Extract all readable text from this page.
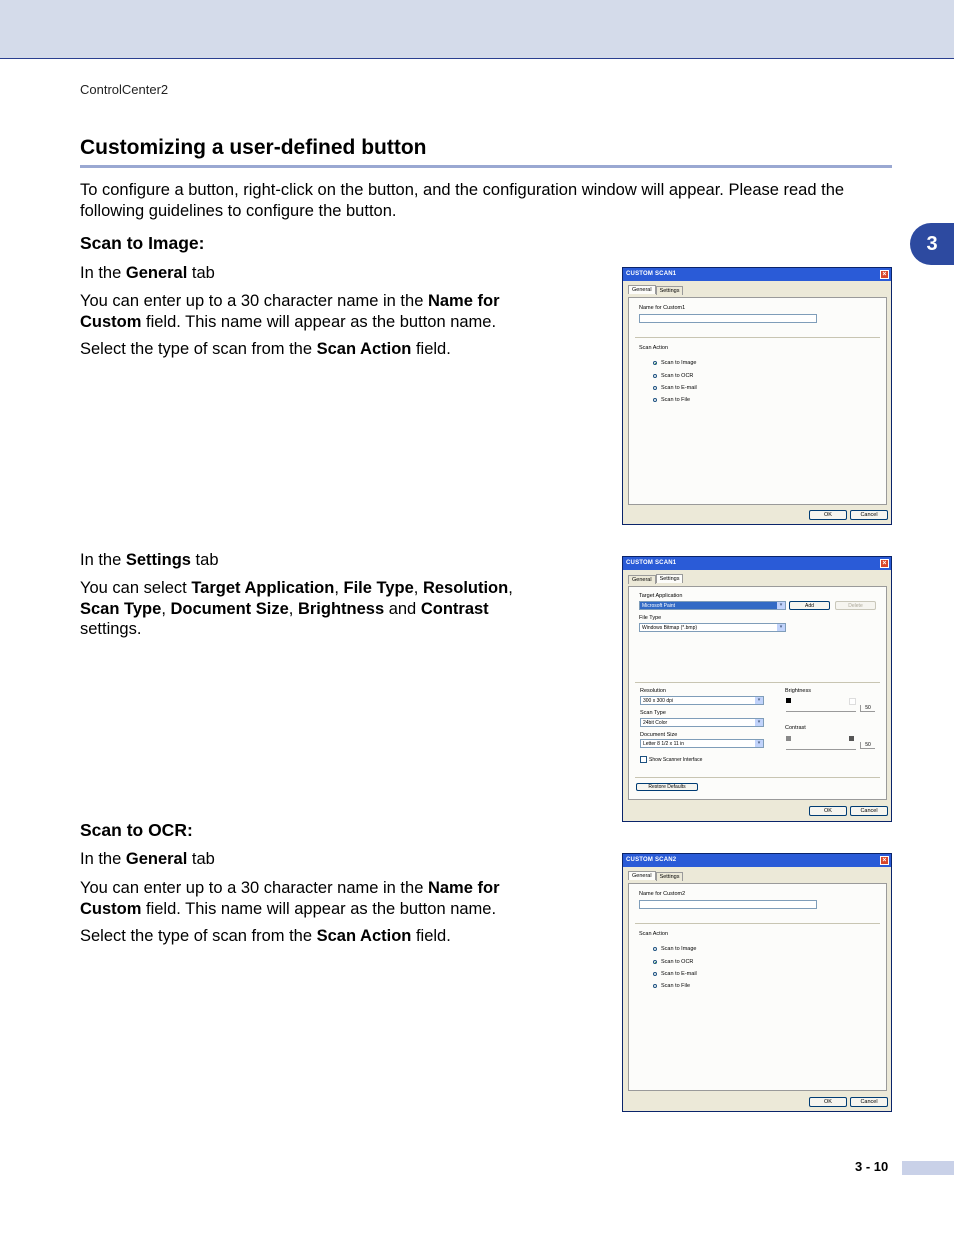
ControlCenter2
3
Customizing a user-defined button
To configure a button, right-click on the button, and the configuration window will appear. Please read the following guidelines to configure the button.
Scan to Image:
In the General tab
You can enter up to a 30 character name in the Name for Custom field. This name will appear as the button name.
Select the type of scan from the Scan Action field.
In the Settings tab
You can select Target Application, File Type, Resolution, Scan Type, Document Size, Brightness and Contrast settings.
Scan to OCR:
In the General tab
You can enter up to a 30 character name in the Name for Custom field. This name will appear as the button name.
Select the type of scan from the Scan Action field.
CUSTOM SCAN1	×
General Settings
Name for Custom1
Scan Action
Scan to Image
Scan to OCR
Scan to E-mail
Scan to File
OK	Cancel
CUSTOM SCAN1	×
General Settings
Target Application
Microsoft Paint	▾	Add	Delete
File Type
Windows Bitmap (*.bmp)	▾
Resolution
300 x 300 dpi	▾
Scan Type
24bit Color	▾
Document Size
Letter 8 1/2 x 11 in	▾
Brightness
50
Contrast
50
Show Scanner Interface
Restore Defaults
OK	Cancel
CUSTOM SCAN2	×
General Settings
Name for Custom2
Scan Action
Scan to Image
Scan to OCR
Scan to E-mail
Scan to File
OK	Cancel
3 - 10
